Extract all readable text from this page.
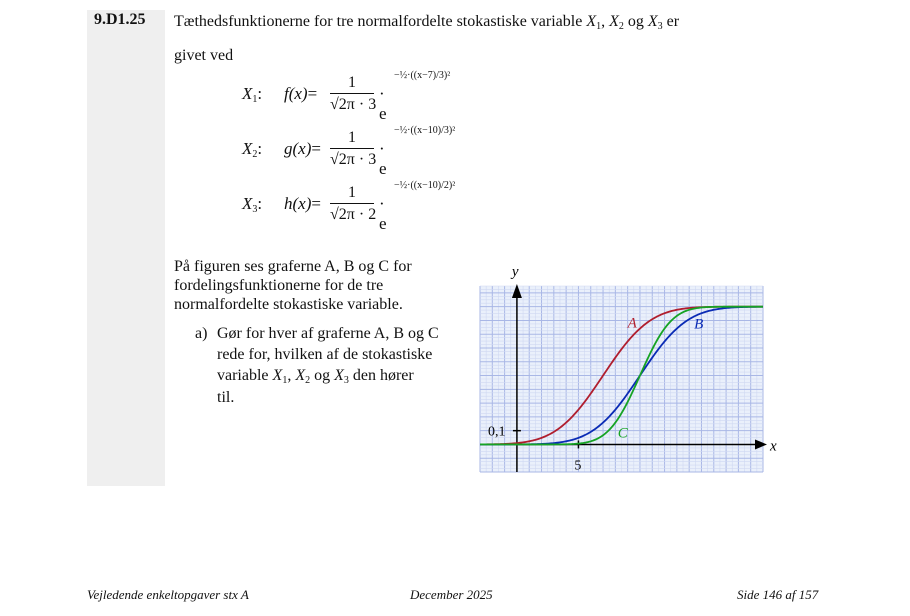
9.D1.25 Tæthedsfunktionerne for tre normalfordelte stokastiske variable $X_1$, $X_2$ og $X_3$ er
givet ved
$X_1$: f(x)=
1
√2π · 3
· e
−½·((x−7)/3)²
$X_2$: g(x)=
1
√2π · 3
· e
−½·((x−10)/3)²
$X_3$: h(x)=
1
√2π · 2
· e
−½·((x−10)/2)²
På figuren ses graferne A, B og C for
fordelingsfunktionerne for de tre
normalfordelte stokastiske variable.
a) Gør for hver af graferne A, B og C
rede for, hvilken af de stokastiske
variable $X_1$, $X_2$ og $X_3$ den hører
til.
y
x
5
0,1
A	B
C
Vejledende enkeltopgaver stx A	December 2025	Side 146 af 157
